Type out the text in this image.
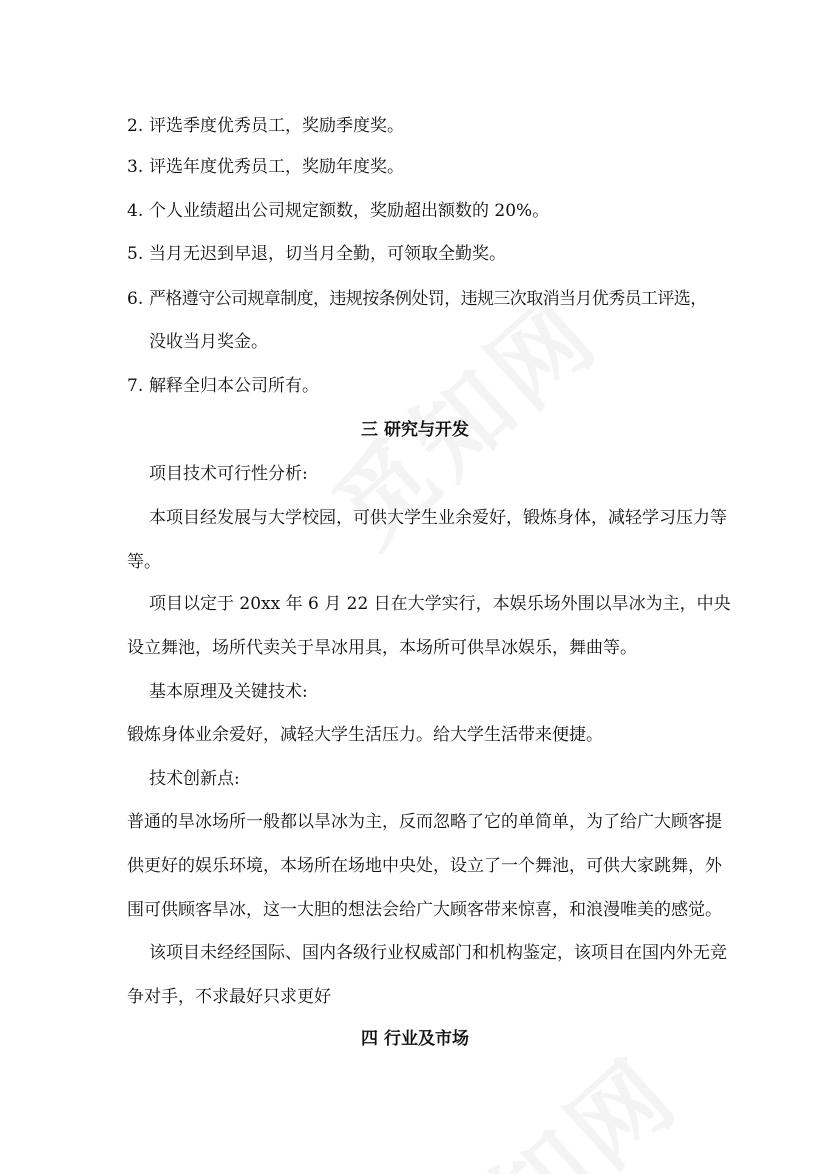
2. 评选季度优秀员工，奖励季度奖。
3. 评选年度优秀员工，奖励年度奖。
4. 个人业绩超出公司规定额数，奖励超出额数的 20%。
5. 当月无迟到早退，切当月全勤，可领取全勤奖。
6. 严格遵守公司规章制度，违规按条例处罚，违规三次取消当月优秀员工评选，
没收当月奖金。
7. 解释全归本公司所有。
三 研究与开发
项目技术可行性分析:
本项目经发展与大学校园，可供大学生业余爱好，锻炼身体，减轻学习压力等
等。
项目以定于 20xx 年 6 月 22 日在大学实行，本娱乐场外围以旱冰为主，中央
设立舞池，场所代卖关于旱冰用具，本场所可供旱冰娱乐，舞曲等。
基本原理及关键技术:
锻炼身体业余爱好，减轻大学生活压力。给大学生活带来便捷。
技术创新点:
普通的旱冰场所一般都以旱冰为主，反而忽略了它的单简单，为了给广大顾客提
供更好的娱乐环境，本场所在场地中央处，设立了一个舞池，可供大家跳舞，外
围可供顾客旱冰，这一大胆的想法会给广大顾客带来惊喜，和浪漫唯美的感觉。
该项目未经经国际、国内各级行业权威部门和机构鉴定，该项目在国内外无竞
争对手，不求最好只求更好
四 行业及市场
